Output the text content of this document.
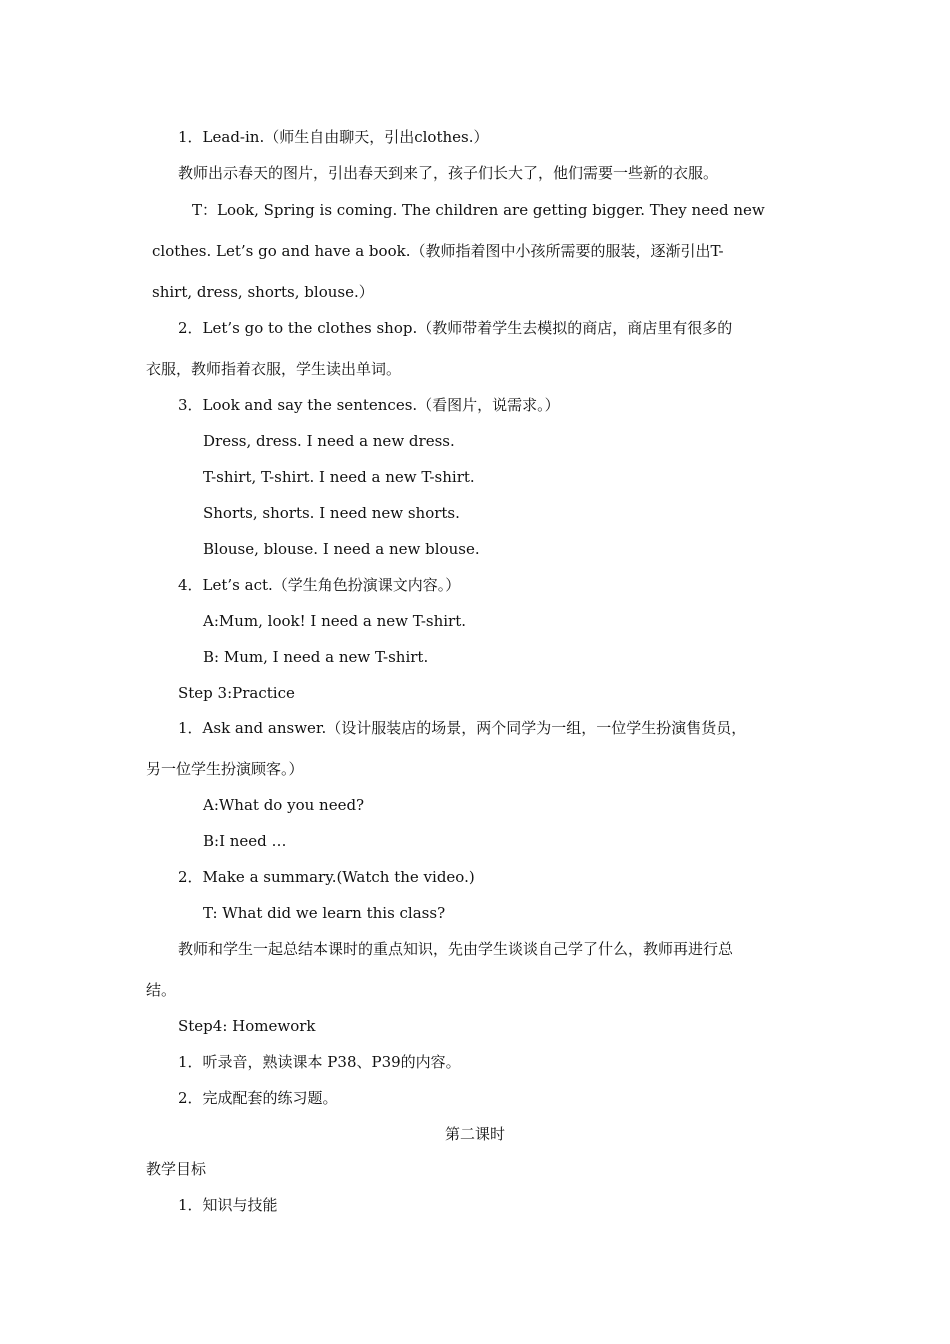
1．Lead-in.（师生自由聊天，引出clothes.）
教师出示春天的图片，引出春天到来了，孩子们长大了，他们需要一些新的衣服。
T：Look, Spring is coming. The children are getting bigger. They need new
clothes. Let’s go and have a book.（教师指着图中小孩所需要的服装，逐渐引出T-
shirt, dress, shorts, blouse.）
2．Let’s go to the clothes shop.（教师带着学生去模拟的商店，商店里有很多的
衣服，教师指着衣服，学生读出单词。
3．Look and say the sentences.（看图片，说需求。）
Dress, dress. I need a new dress.
T-shirt, T-shirt. I need a new T-shirt.
Shorts, shorts. I need new shorts.
Blouse, blouse. I need a new blouse.
4．Let’s act.（学生角色扮演课文内容。）
A:Mum, look! I need a new T-shirt.
B: Mum, I need a new T-shirt.
Step 3:Practice
1．Ask and answer.（设计服装店的场景，两个同学为一组，一位学生扮演售货员，
另一位学生扮演顾客。）
A:What do you need?
B:I need …
2．Make a summary.(Watch the video.)
T: What did we learn this class?
教师和学生一起总结本课时的重点知识，先由学生谈谈自己学了什么，教师再进行总
结。
Step4: Homework
1．听录音，熟读课本 P38、P39的内容。
2．完成配套的练习题。
第二课时
教学目标
1．知识与技能
